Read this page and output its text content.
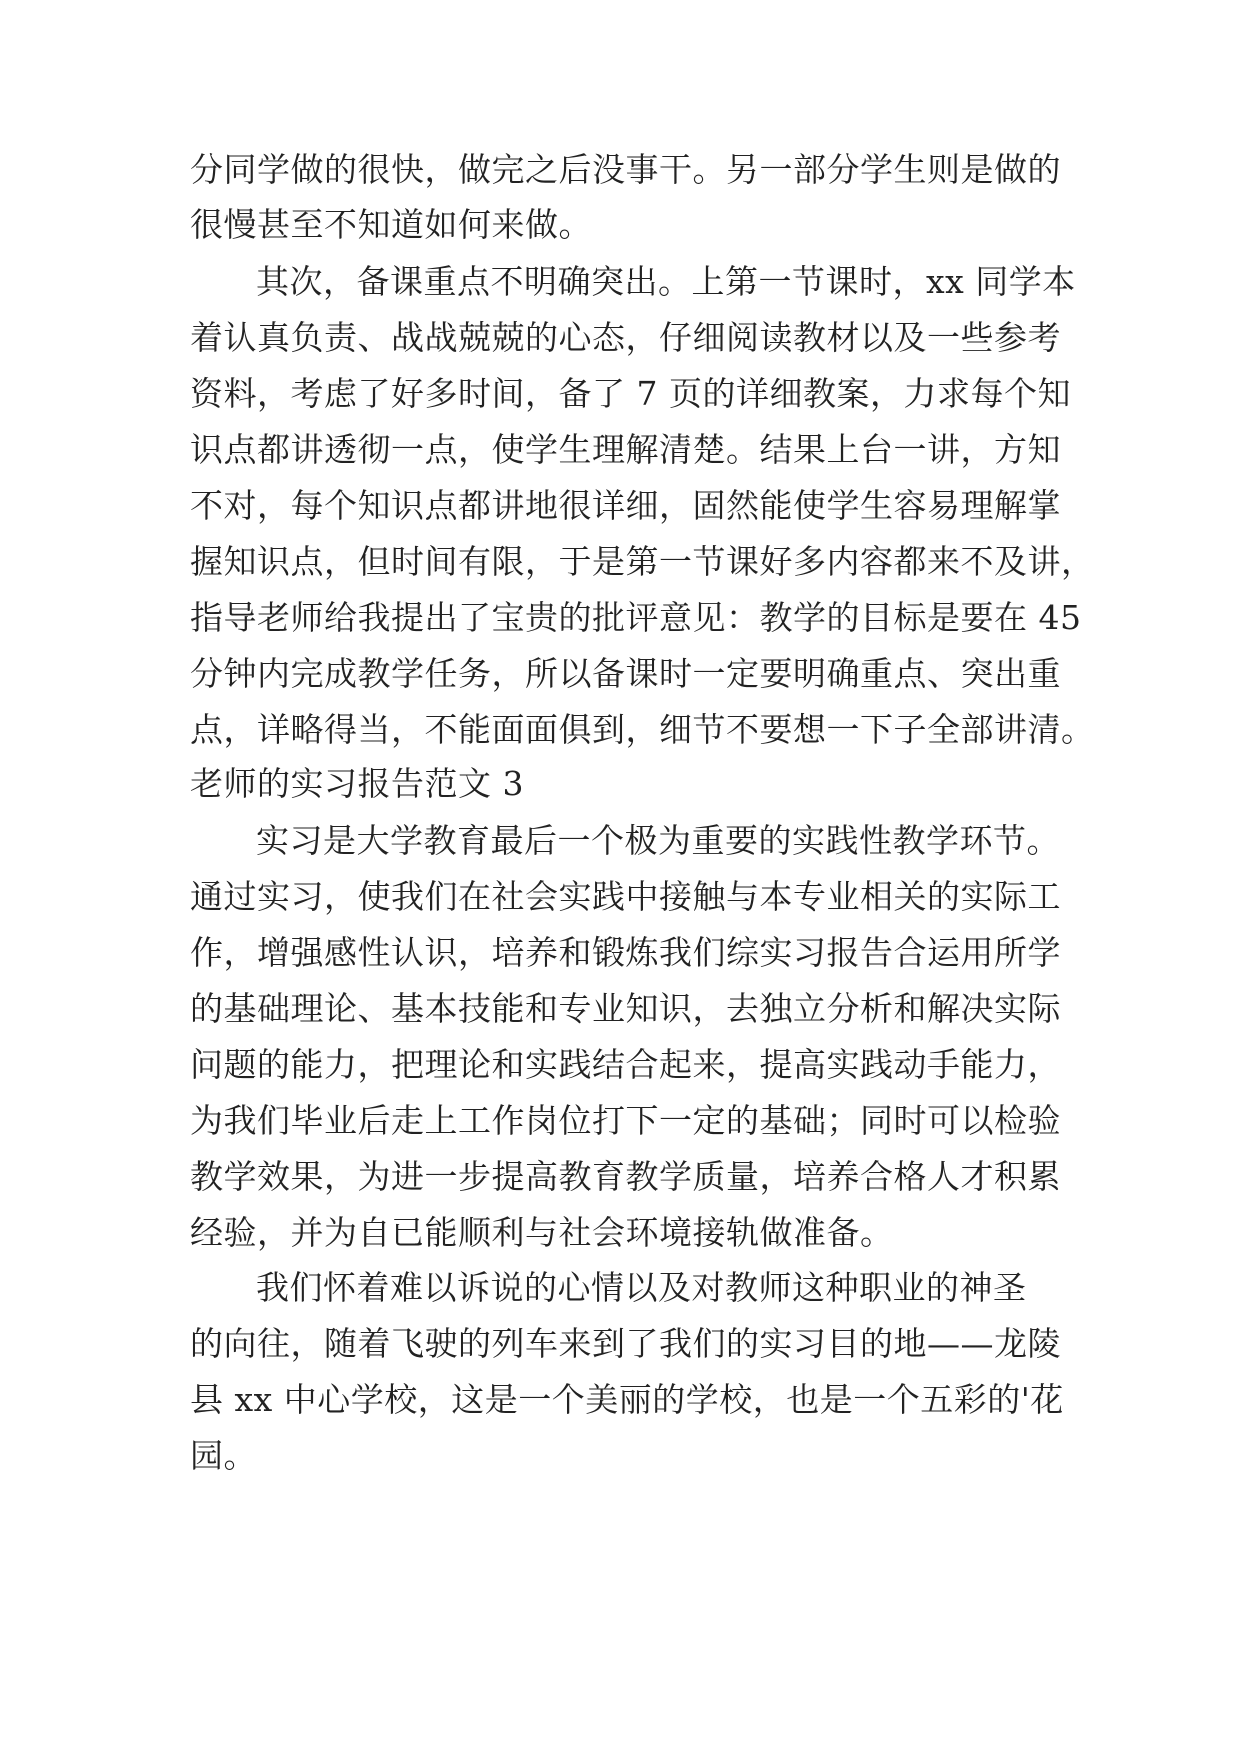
分同学做的很快，做完之后没事干。另一部分学生则是做的
很慢甚至不知道如何来做。
其次，备课重点不明确突出。上第一节课时，xx 同学本
着认真负责、战战兢兢的心态，仔细阅读教材以及一些参考
资料，考虑了好多时间，备了 7 页的详细教案，力求每个知
识点都讲透彻一点，使学生理解清楚。结果上台一讲，方知
不对，每个知识点都讲地很详细，固然能使学生容易理解掌
握知识点，但时间有限，于是第一节课好多内容都来不及讲，
指导老师给我提出了宝贵的批评意见：教学的目标是要在 45
分钟内完成教学任务，所以备课时一定要明确重点、突出重
点，详略得当，不能面面俱到，细节不要想一下子全部讲清。
老师的实习报告范文 3
实习是大学教育最后一个极为重要的实践性教学环节。
通过实习，使我们在社会实践中接触与本专业相关的实际工
作，增强感性认识，培养和锻炼我们综实习报告合运用所学
的基础理论、基本技能和专业知识，去独立分析和解决实际
问题的能力，把理论和实践结合起来，提高实践动手能力，
为我们毕业后走上工作岗位打下一定的基础；同时可以检验
教学效果，为进一步提高教育教学质量，培养合格人才积累
经验，并为自已能顺利与社会环境接轨做准备。
我们怀着难以诉说的心情以及对教师这种职业的神圣
的向往，随着飞驶的列车来到了我们的实习目的地——龙陵
县 xx 中心学校，这是一个美丽的学校，也是一个五彩的'花
园。
